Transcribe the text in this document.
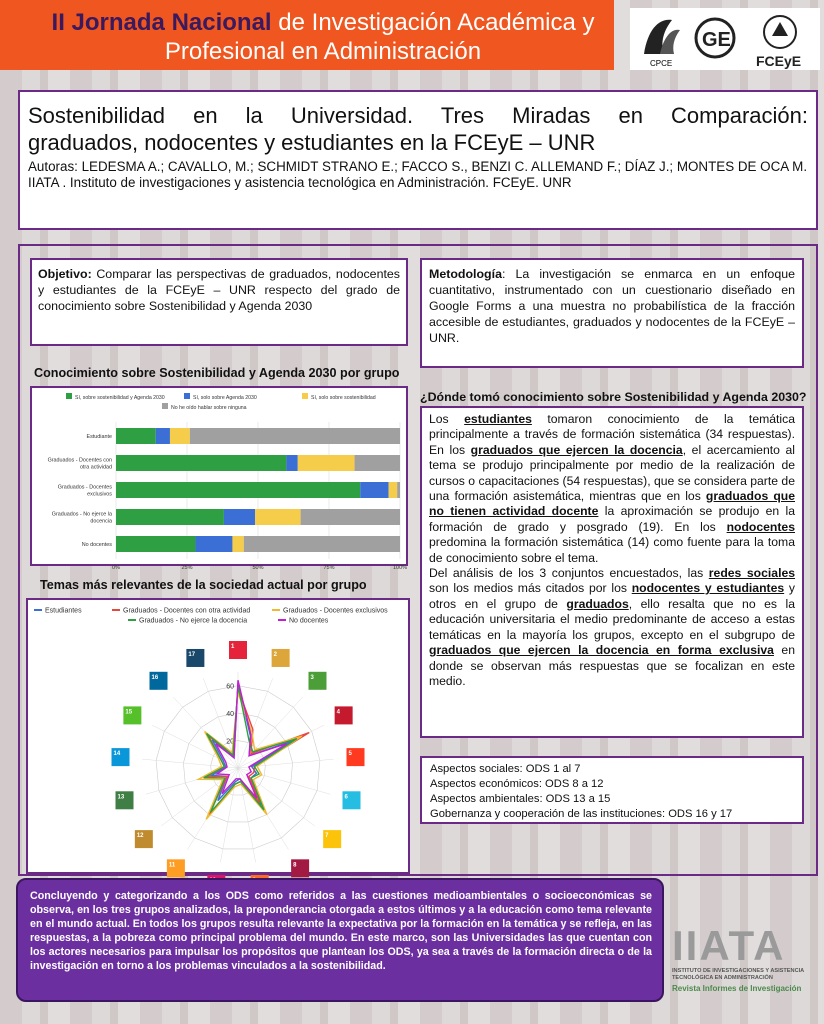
II Jornada Nacional de Investigación Académica y
Profesional en Administración	CPCE
GE
FCEyE
Sostenibilidad en la Universidad. Tres Miradas en Comparación:
graduados, nodocentes y estudiantes en la FCEyE – UNR
Autoras: LEDESMA A.; CAVALLO, M.; SCHMIDT STRANO E.; FACCO S., BENZI C. ALLEMAND F.; DÍAZ J.; MONTES DE OCA M.
IIATA . Instituto de investigaciones y asistencia tecnológica en Administración. FCEyE. UNR
Objetivo: Comparar las perspectivas de graduados, nodocentes y estudiantes de la FCEyE – UNR respecto del grado de conocimiento sobre Sostenibilidad y Agenda 2030
Metodología: La investigación se enmarca en un enfoque cuantitativo, instrumentado con un cuestionario diseñado en Google Forms a una muestra no probabilística de la fracción accesible de estudiantes, graduados y nodocentes de la FCEyE – UNR.
Conocimiento sobre Sostenibilidad y Agenda 2030 por grupo
Sí, sobre sostenibilidad y Agenda 2030	Sí, solo sobre Agenda 2030	Sí, solo sobre sostenibilidad
No he oído hablar sobre ninguna
0%	25%	50%	75%	100%
Estudiante
Graduados - Docentes con
otra actividad
Graduados - Docentes
exclusivos
Graduados - No ejerce la
docencia
No docentes
Temas más relevantes de la sociedad actual por grupo
Estudiantes	Graduados - Docentes con otra actividad	Graduados - Docentes exclusivos
Graduados - No ejerce la docencia	No docentes
20
40
60
1
2
3
4
5
6
7
8
11
12
13
14
15
16
17
¿Dónde tomó conocimiento sobre Sostenibilidad y Agenda 2030?
Los estudiantes tomaron conocimiento de la temática principalmente a través de formación sistemática (34 respuestas). En los graduados que ejercen la docencia, el acercamiento al tema se produjo principalmente por medio de la realización de cursos o capacitaciones (54 respuestas), que se considera parte de una formación asistemática, mientras que en los graduados que no tienen actividad docente la aproximación se produjo en la formación de grado y posgrado (19). En los nodocentes predomina la formación sistemática (14) como fuente para la toma de conocimiento sobre el tema.
Del análisis de los 3 conjuntos encuestados, las redes sociales son los medios más citados por los nodocentes y estudiantes y otros en el grupo de graduados, ello resalta que no es la educación universitaria el medio predominante de acceso a estas temáticas en la mayoría los grupos, excepto en el subgrupo de graduados que ejercen la docencia en forma exclusiva en donde se observan más respuestas que se focalizan en este medio.
Aspectos sociales: ODS 1 al 7
Aspectos económicos: ODS 8 a 12
Aspectos ambientales: ODS 13 a 15
Gobernanza y cooperación de las instituciones: ODS 16 y 17
Concluyendo y categorizando a los ODS como referidos a las cuestiones medioambientales o socioeconómicas se observa, en los tres grupos analizados, la preponderancia otorgada a estos últimos y a la educación como tema relevante en el mundo actual. En todos los grupos resulta relevante la expectativa por la formación en la temática y se refleja, en las respuestas, a la pobreza como principal problema del mundo. En este marco, son las Universidades las que cuentan con los actores necesarios para impulsar los propósitos que plantean los ODS, ya sea a través de la formación directa o de la investigación en torno a los problemas vinculados a la sostenibilidad.	IIATA
INSTITUTO DE INVESTIGACIONES Y ASISTENCIA TECNOLÓGICA EN ADMINISTRACIÓN
Revista Informes de Investigación
